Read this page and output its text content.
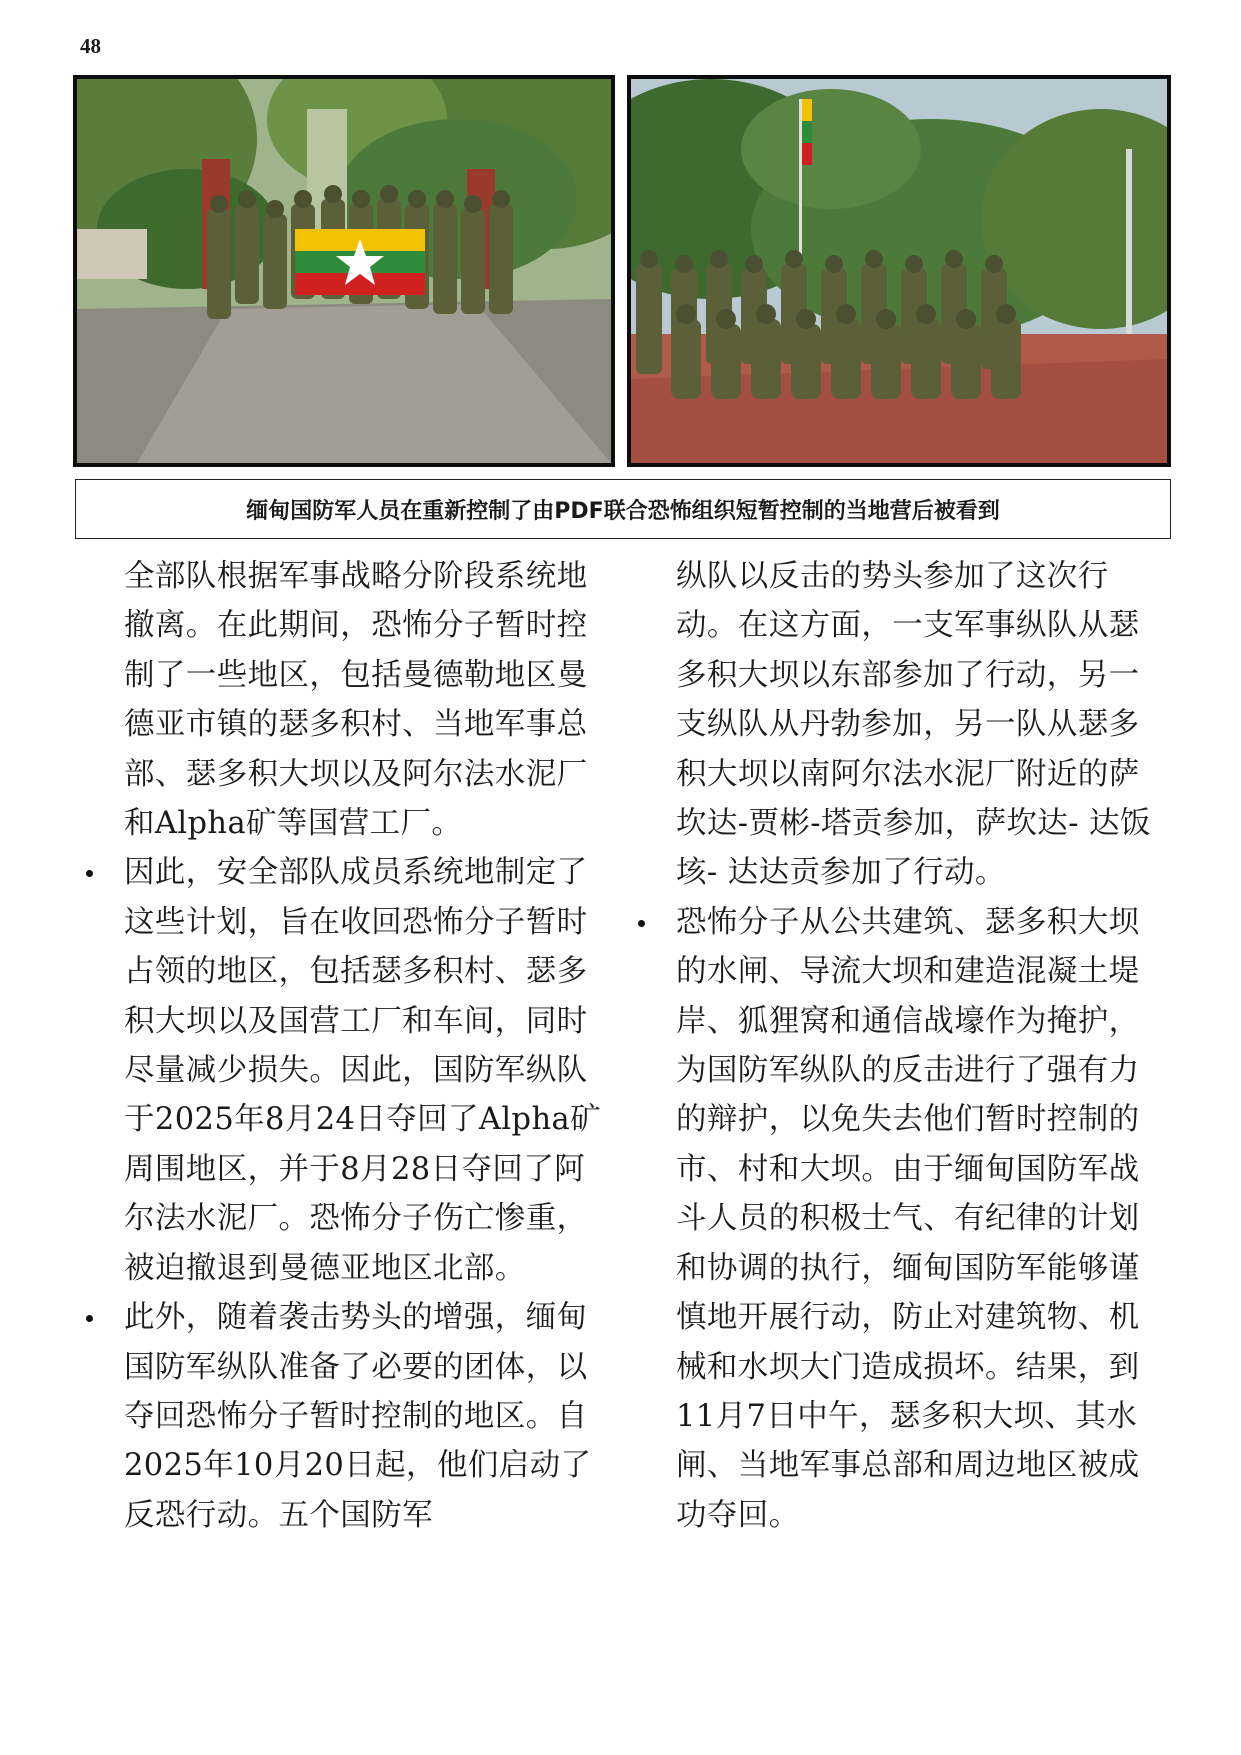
48
缅甸国防军人员在重新控制了由PDF联合恐怖组织短暂控制的当地营后被看到

全部队根据军事战略分阶段系统地撤离。在此期间，恐怖分子暂时控制了一些地区，包括曼德勒地区曼德亚市镇的瑟多积村、当地军事总部、瑟多积大坝以及阿尔法水泥厂和Alpha矿等国营工厂。

因此，安全部队成员系统地制定了这些计划，旨在收回恐怖分子暂时占领的地区，包括瑟多积村、瑟多积大坝以及国营工厂和车间，同时尽量减少损失。因此，国防军纵队于2025年8月24日夺回了Alpha矿周围地区，并于8月28日夺回了阿尔法水泥厂。恐怖分子伤亡惨重，被迫撤退到曼德亚地区北部。
此外，随着袭击势头的增强，缅甸国防军纵队准备了必要的团体，以夺回恐怖分子暂时控制的地区。自2025年10月20日起，他们启动了反恐行动。五个国防军

纵队以反击的势头参加了这次行动。在这方面，一支军事纵队从瑟多积大坝以东部参加了行动，另一支纵队从丹勃参加，另一队从瑟多积大坝以南阿尔法水泥厂附近的萨坎达-贾彬-塔贡参加，萨坎达- 达饭垓- 达达贡参加了行动。

恐怖分子从公共建筑、瑟多积大坝的水闸、导流大坝和建造混凝土堤岸、狐狸窝和通信战壕作为掩护，为国防军纵队的反击进行了强有力的辩护，以免失去他们暂时控制的市、村和大坝。由于缅甸国防军战斗人员的积极士气、有纪律的计划和协调的执行，缅甸国防军能够谨慎地开展行动，防止对建筑物、机械和水坝大门造成损坏。结果，到11月7日中午，瑟多积大坝、其水闸、当地军事总部和周边地区被成功夺回。
